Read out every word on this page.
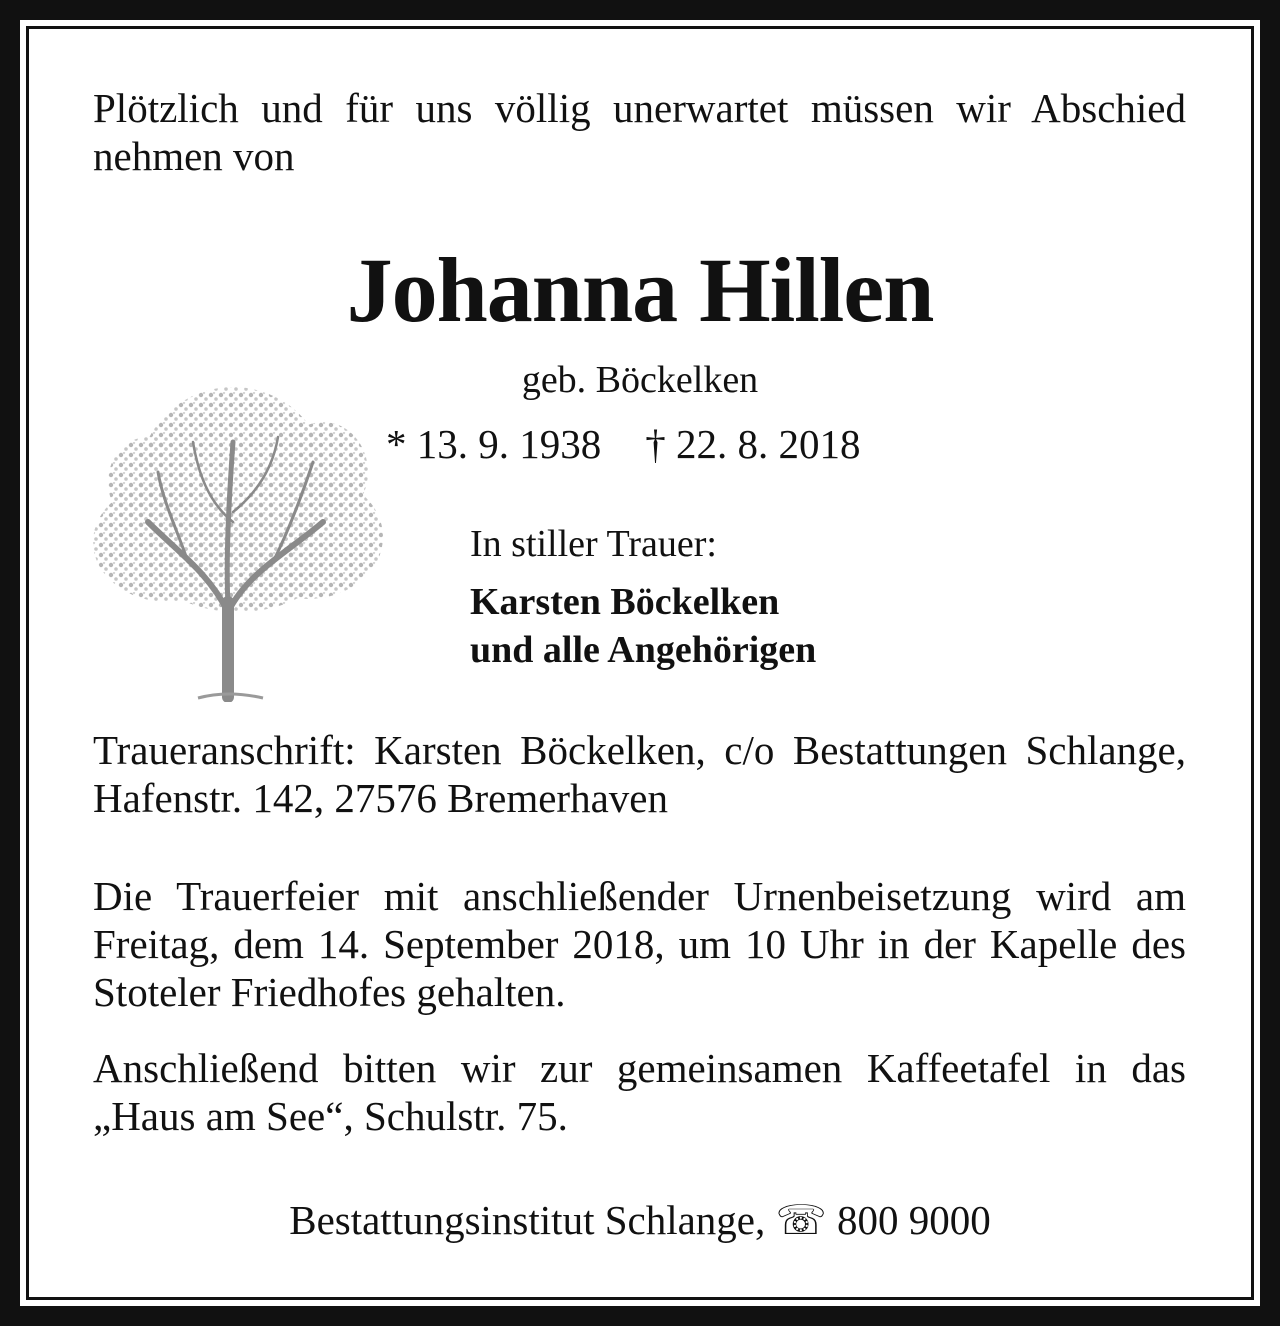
Plötzlich und für uns völlig unerwartet müssen wir Abschied nehmen von

Johanna Hillen

geb. Böckelken

* 13. 9. 1938 † 22. 8. 2018

In stiller Trauer:

Karsten Böckelken

und alle Angehörigen

Traueranschrift: Karsten Böckelken, c/o Bestattungen Schlange, Hafenstr. 142, 27576 Bremerhaven

Die Trauerfeier mit anschließender Urnenbeisetzung wird am Freitag, dem 14. September 2018, um 10 Uhr in der Kapelle des Stoteler Friedhofes gehalten.

Anschließend bitten wir zur gemeinsamen Kaffeetafel in das „Haus am See“, Schulstr. 75.

Bestattungsinstitut Schlange, ☏ 800 9000
